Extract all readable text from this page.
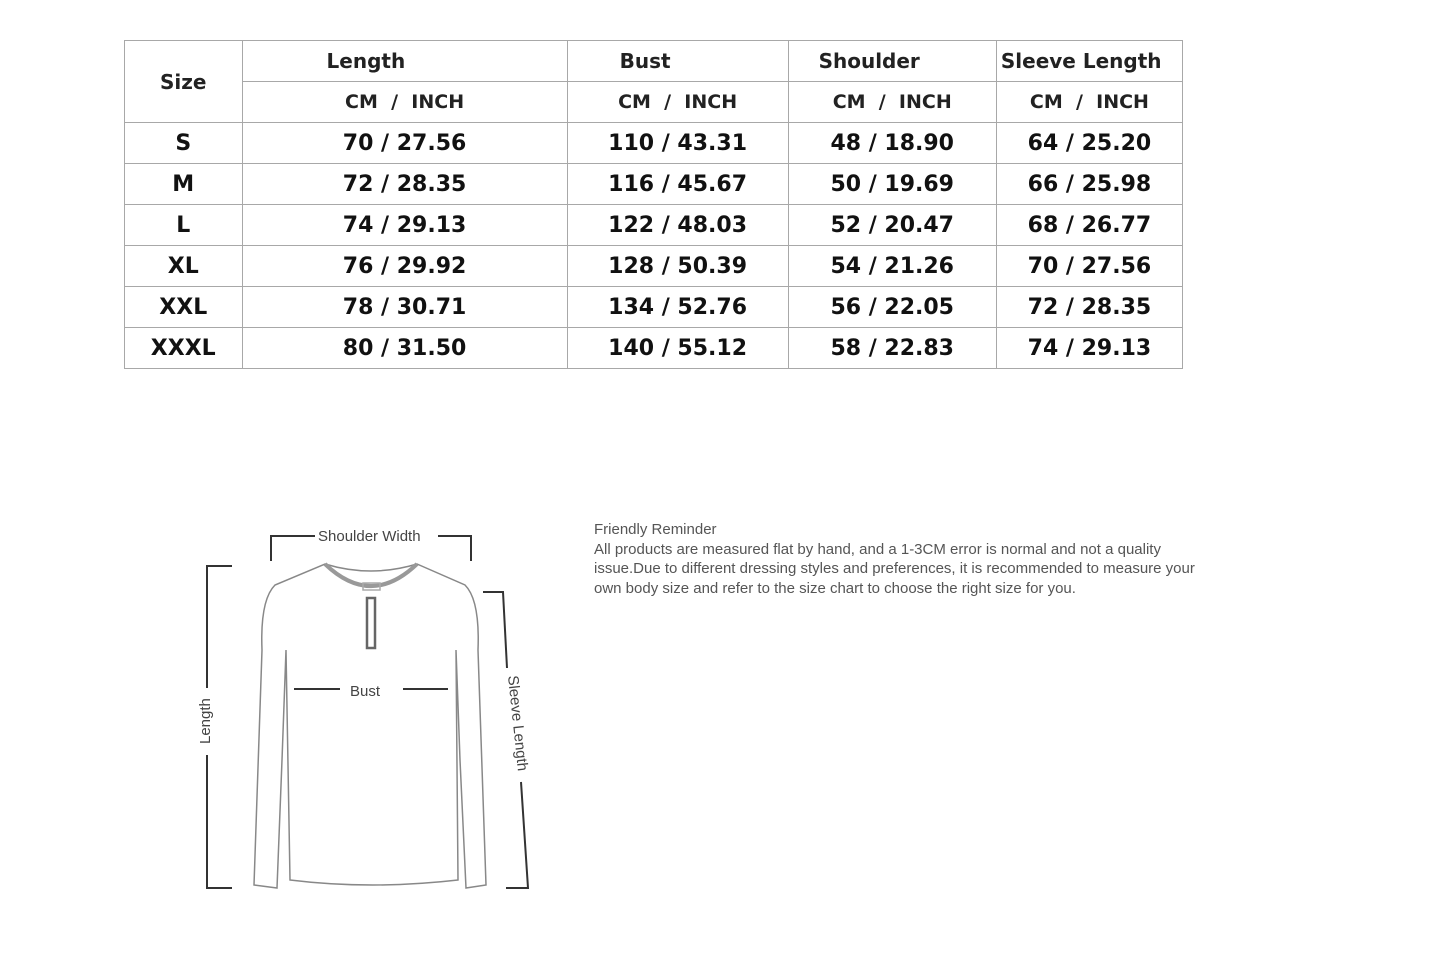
Size	Length	Bust	Shoulder	Sleeve Length
	CM  /  INCH	CM  /  INCH	CM  /  INCH	CM  /  INCH
S	70 / 27.56	110 / 43.31	48 / 18.90	64 / 25.20
M	72 / 28.35	116 / 45.67	50 / 19.69	66 / 25.98
L	74 / 29.13	122 / 48.03	52 / 20.47	68 / 26.77
XL	76 / 29.92	128 / 50.39	54 / 21.26	70 / 27.56
XXL	78 / 30.71	134 / 52.76	56 / 22.05	72 / 28.35
XXXL	80 / 31.50	140 / 55.12	58 / 22.83	74 / 29.13
Shoulder Width
Bust
Length	Sleeve Length
Friendly Reminder
All products are measured flat by hand, and a 1-3CM error is normal and not a quality issue.Due to different dressing styles and preferences, it is recommended to measure your own body size and refer to the size chart to choose the right size for you.
